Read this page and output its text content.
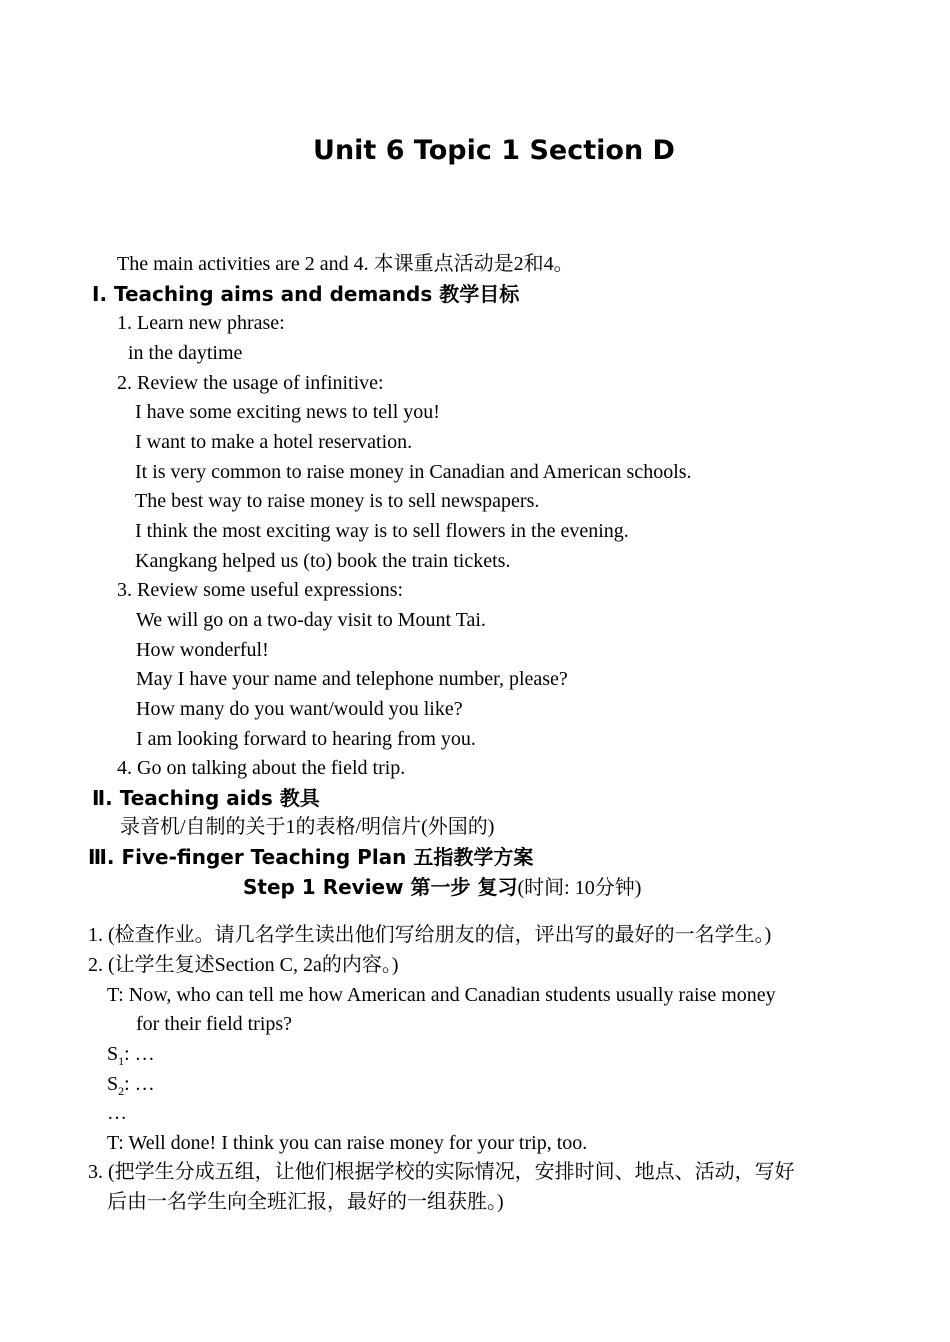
Unit 6 Topic 1 Section D
The main activities are 2 and 4. 本课重点活动是2和4。
Ⅰ. Teaching aims and demands 教学目标
1. Learn new phrase:
in the daytime
2. Review the usage of infinitive:
I have some exciting news to tell you!
I want to make a hotel reservation.
It is very common to raise money in Canadian and American schools.
The best way to raise money is to sell newspapers.
I think the most exciting way is to sell flowers in the evening.
Kangkang helped us (to) book the train tickets.
3. Review some useful expressions:
We will go on a two-day visit to Mount Tai.
How wonderful!
May I have your name and telephone number, please?
How many do you want/would you like?
I am looking forward to hearing from you.
4. Go on talking about the field trip.
Ⅱ. Teaching aids 教具
录音机/自制的关于1的表格/明信片(外国的)
Ⅲ. Five-finger Teaching Plan 五指教学方案
Step 1 Review 第一步 复习(时间: 10分钟)
1. (检查作业。请几名学生读出他们写给朋友的信，评出写的最好的一名学生。)
2. (让学生复述Section C, 2a的内容。)
T: Now, who can tell me how American and Canadian students usually raise money
for their field trips?
$S_1$: …
$S_2$: …
…
T: Well done! I think you can raise money for your trip, too.
3. (把学生分成五组，让他们根据学校的实际情况，安排时间、地点、活动，写好
后由一名学生向全班汇报，最好的一组获胜。)
